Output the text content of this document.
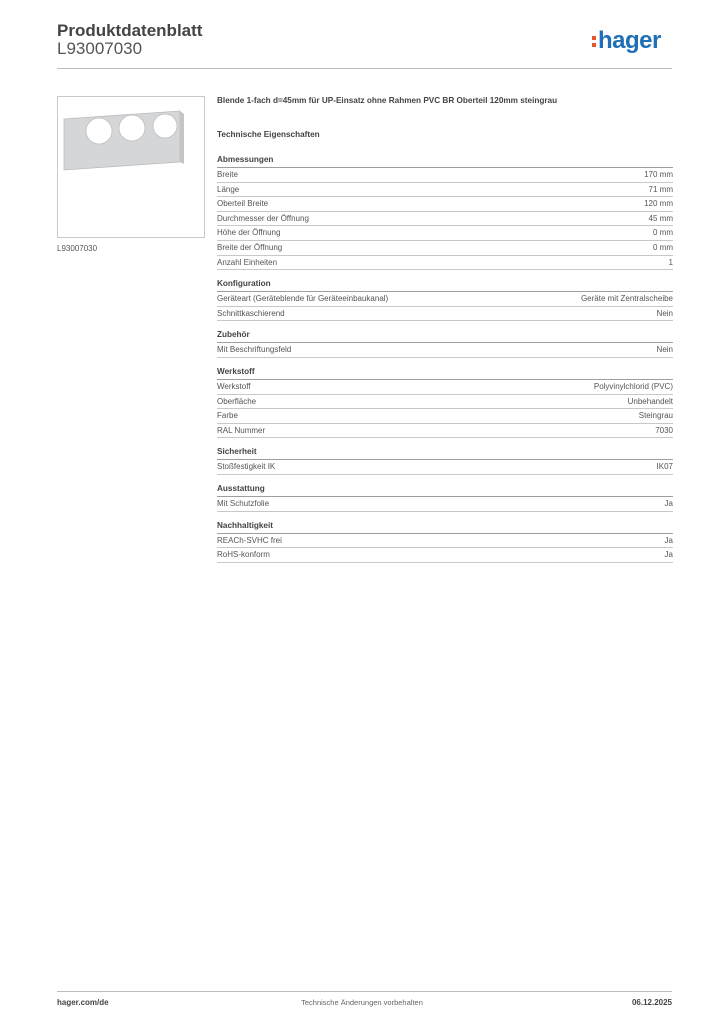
Produktdatenblatt
L93007030	hager
L93007030
Blende 1-fach d=45mm für UP-Einsatz ohne Rahmen PVC BR Oberteil 120mm steingrau
Technische Eigenschaften
Abmessungen
Breite	170 mm
Länge	71 mm
Oberteil Breite	120 mm
Durchmesser der Öffnung	45 mm
Höhe der Öffnung	0 mm
Breite der Öffnung	0 mm
Anzahl Einheiten	1
Konfiguration
Geräteart (Geräteblende für Geräteeinbaukanal)	Geräte mit Zentralscheibe
Schnittkaschierend	Nein
Zubehör
Mit Beschriftungsfeld	Nein
Werkstoff
Werkstoff	Polyvinylchlorid (PVC)
Oberfläche	Unbehandelt
Farbe	Steingrau
RAL Nummer	7030
Sicherheit
Stoßfestigkeit IK	IK07
Ausstattung
Mit Schutzfolie	Ja
Nachhaltigkeit
REACh-SVHC frei	Ja
RoHS-konform	Ja
hager.com/de	Technische Änderungen vorbehalten	06.12.2025
